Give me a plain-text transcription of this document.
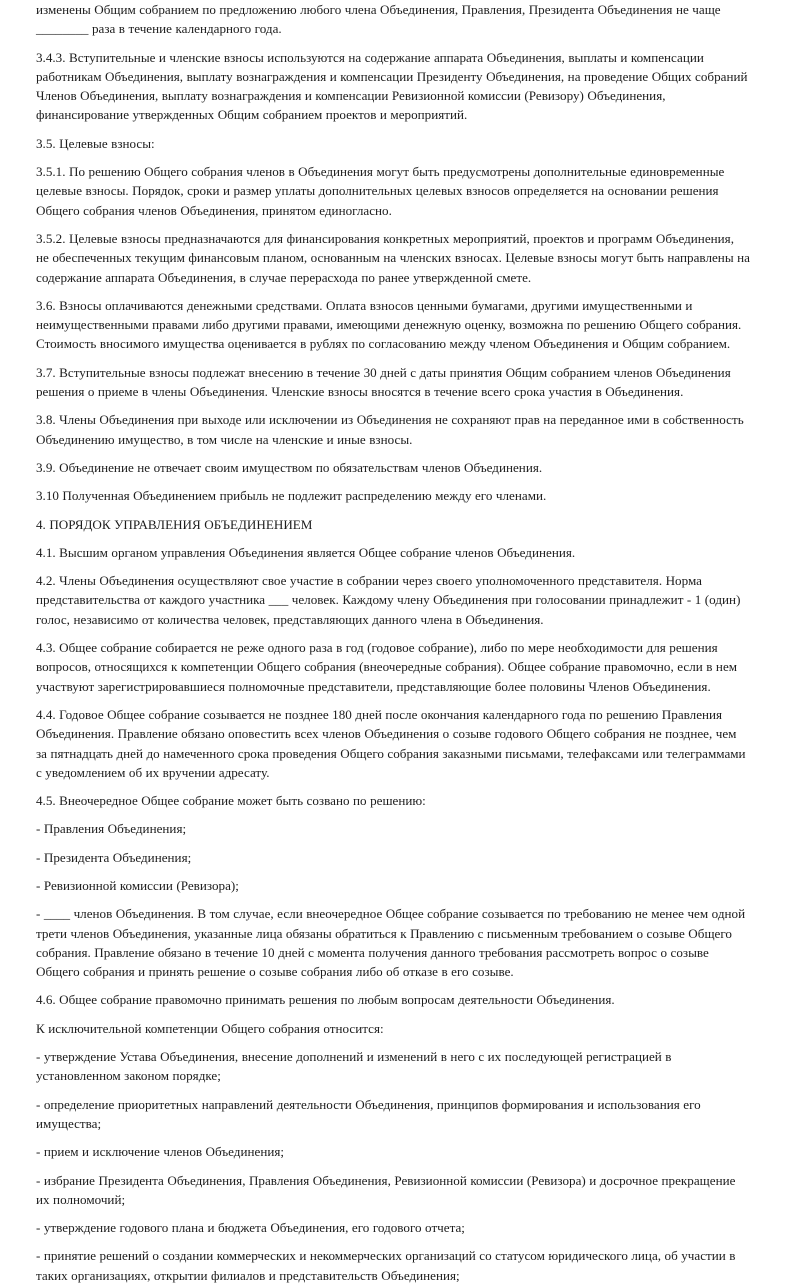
изменены Общим собранием по предложению любого члена Объединения, Правления, Президента Объединения не чаще ________ раза в течение календарного года.

3.4.3. Вступительные и членские взносы используются на содержание аппарата Объединения, выплаты и компенсации работникам Объединения, выплату вознаграждения и компенсации Президенту Объединения, на проведение Общих собраний Членов Объединения, выплату вознаграждения и компенсации Ревизионной комиссии (Ревизору) Объединения, финансирование утвержденных Общим собранием проектов и мероприятий.

3.5. Целевые взносы:

3.5.1. По решению Общего собрания членов в Объединения могут быть предусмотрены дополнительные единовременные целевые взносы. Порядок, сроки и размер уплаты дополнительных целевых взносов определяется на основании решения Общего собрания членов Объединения, принятом единогласно.

3.5.2. Целевые взносы предназначаются для финансирования конкретных мероприятий, проектов и программ Объединения, не обеспеченных текущим финансовым планом, основанным на членских взносах. Целевые взносы могут быть направлены на содержание аппарата Объединения, в случае перерасхода по ранее утвержденной смете.

3.6. Взносы оплачиваются денежными средствами. Оплата взносов ценными бумагами, другими имущественными и неимущественными правами либо другими правами, имеющими денежную оценку, возможна по решению Общего собрания. Стоимость вносимого имущества оценивается в рублях по согласованию между членом Объединения и Общим собранием.

3.7. Вступительные взносы подлежат внесению в течение 30 дней с даты принятия Общим собранием членов Объединения решения о приеме в члены Объединения. Членские взносы вносятся в течение всего срока участия в Объединения.

3.8. Члены Объединения при выходе или исключении из Объединения не сохраняют прав на переданное ими в собственность Объединению имущество, в том числе на членские и иные взносы.

3.9. Объединение не отвечает своим имуществом по обязательствам членов Объединения.

3.10 Полученная Объединением прибыль не подлежит распределению между его членами.

4. ПОРЯДОК УПРАВЛЕНИЯ ОБЪЕДИНЕНИЕМ

4.1. Высшим органом управления Объединения является Общее собрание членов Объединения.

4.2. Члены Объединения осуществляют свое участие в собрании через своего уполномоченного представителя. Норма представительства от каждого участника ___ человек. Каждому члену Объединения при голосовании принадлежит - 1 (один) голос, независимо от количества человек, представляющих данного члена в Объединения.

4.3. Общее собрание собирается не реже одного раза в год (годовое собрание), либо по мере необходимости для решения вопросов, относящихся к компетенции Общего собрания (внеочередные собрания). Общее собрание правомочно, если в нем участвуют зарегистрировавшиеся полномочные представители, представляющие более половины Членов Объединения.

4.4. Годовое Общее собрание созывается не позднее 180 дней после окончания календарного года по решению Правления Объединения. Правление обязано оповестить всех членов Объединения о созыве годового Общего собрания не позднее, чем за пятнадцать дней до намеченного срока проведения Общего собрания заказными письмами, телефаксами или телеграммами с уведомлением об их вручении адресату.

4.5. Внеочередное Общее собрание может быть созвано по решению:

- Правления Объединения;

- Президента Объединения;

- Ревизионной комиссии (Ревизора);

- ____ членов Объединения. В том случае, если внеочередное Общее собрание созывается по требованию не менее чем одной трети членов Объединения, указанные лица обязаны обратиться к Правлению с письменным требованием о созыве Общего собрания. Правление обязано в течение 10 дней с момента получения данного требования рассмотреть вопрос о созыве Общего собрания и принять решение о созыве собрания либо об отказе в его созыве.

4.6. Общее собрание правомочно принимать решения по любым вопросам деятельности Объединения.

К исключительной компетенции Общего собрания относится:

- утверждение Устава Объединения, внесение дополнений и изменений в него с их последующей регистрацией в установленном законом порядке;

- определение приоритетных направлений деятельности Объединения, принципов формирования и использования его имущества;

- прием и исключение членов Объединения;

- избрание Президента Объединения, Правления Объединения, Ревизионной комиссии (Ревизора) и досрочное прекращение их полномочий;

- утверждение годового плана и бюджета Объединения, его годового отчета;

- принятие решений о создании коммерческих и некоммерческих организаций со статусом юридического лица, об участии в таких организациях, открытии филиалов и представительств Объединения;
